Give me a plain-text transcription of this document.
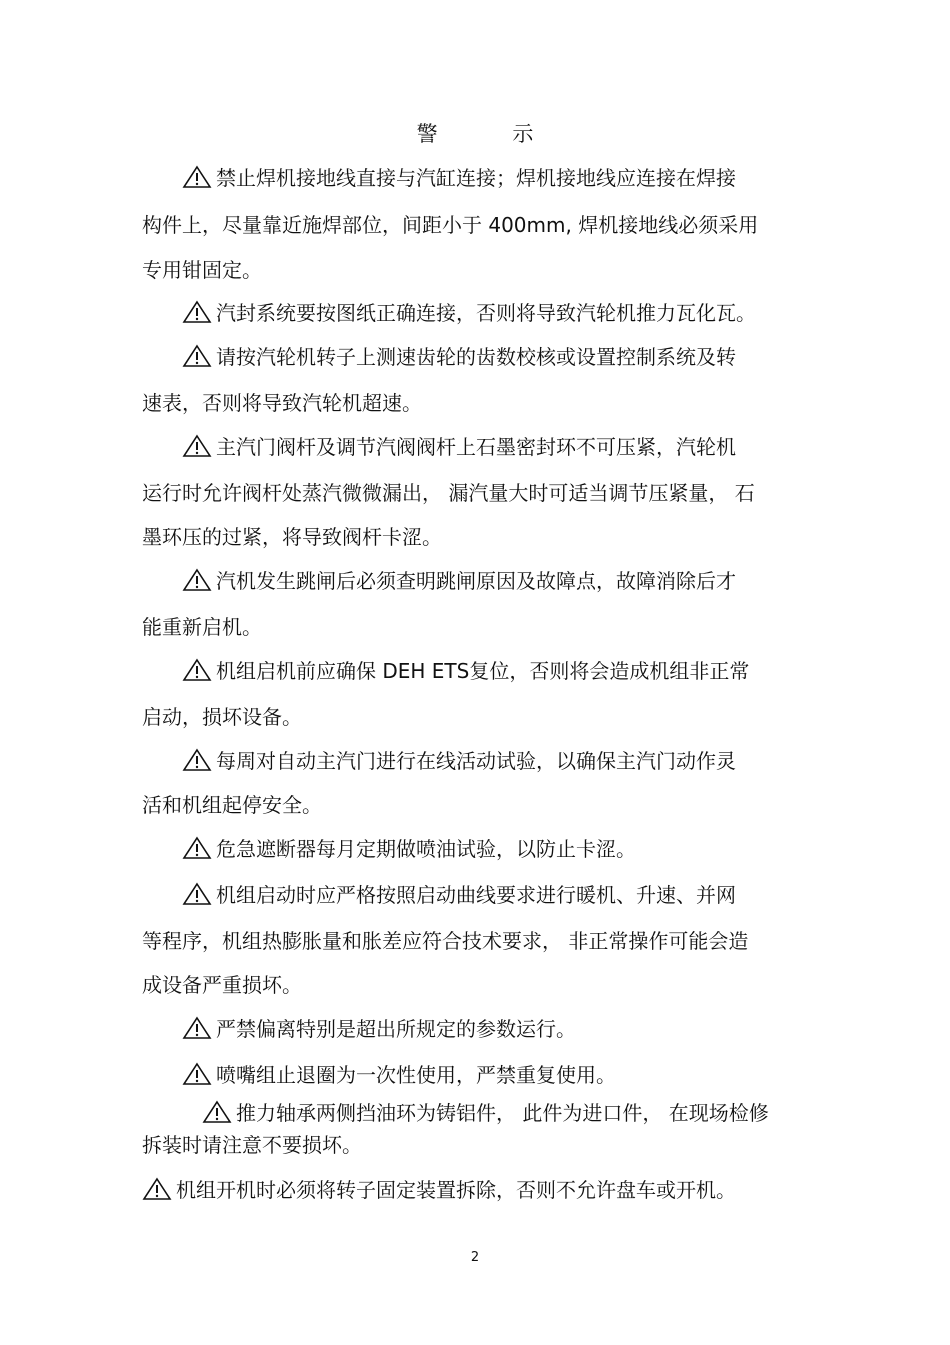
警 示
禁止焊机接地线直接与汽缸连接；焊机接地线应连接在焊接
构件上，尽量靠近施焊部位，间距小于 400mm, 焊机接地线必须采用
专用钳固定。
汽封系统要按图纸正确连接，否则将导致汽轮机推力瓦化瓦。
请按汽轮机转子上测速齿轮的齿数校核或设置控制系统及转
速表，否则将导致汽轮机超速。
主汽门阀杆及调节汽阀阀杆上石墨密封环不可压紧，汽轮机
运行时允许阀杆处蒸汽微微漏出， 漏汽量大时可适当调节压紧量， 石
墨环压的过紧，将导致阀杆卡涩。
汽机发生跳闸后必须查明跳闸原因及故障点，故障消除后才
能重新启机。
机组启机前应确保 DEH ETS复位，否则将会造成机组非正常
启动，损坏设备。
每周对自动主汽门进行在线活动试验，以确保主汽门动作灵
活和机组起停安全。
危急遮断器每月定期做喷油试验，以防止卡涩。
机组启动时应严格按照启动曲线要求进行暖机、升速、并网
等程序，机组热膨胀量和胀差应符合技术要求， 非正常操作可能会造
成设备严重损坏。
严禁偏离特别是超出所规定的参数运行。
喷嘴组止退圈为一次性使用，严禁重复使用。
推力轴承两侧挡油环为铸铝件， 此件为进口件， 在现场检修
拆装时请注意不要损坏。
机组开机时必须将转子固定装置拆除，否则不允许盘车或开机。
2
